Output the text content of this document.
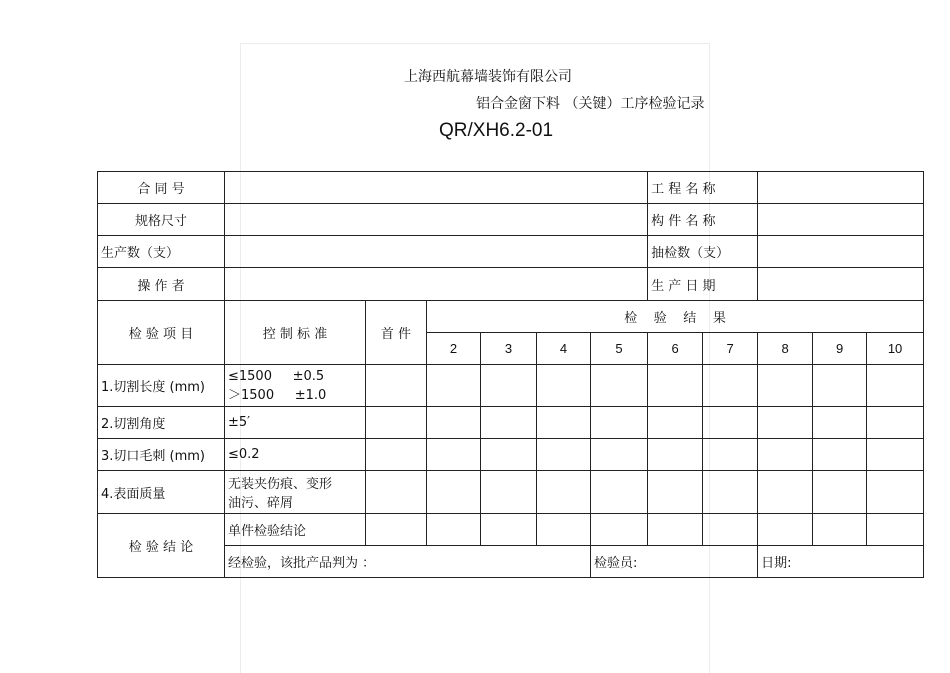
上海西航幕墙装饰有限公司
铝合金窗下料 （关键）工序检验记录
QR/XH6.2-01
合 同 号							工 程 名 称				
规格尺寸							构 件 名 称				
生产数（支）							抽检数（支）				
操 作 者							生 产 日 期				
检 验 项 目	控 制 标 准	首 件	检    验    结    果								
			2	3	4	5	6	7	8	9	10
1.切割长度 (mm)	≤1500     ±0.5
＞1500     ±1.0										

2.切割角度	±5′										
3.切口毛刺 (mm)	≤0.2										
4.表面质量	无装夹伤痕、变形
油污、碎屑										

检 验 结 论	单件检验结论										
	经检验，该批产品判为 ：					检验员:			日期:		
